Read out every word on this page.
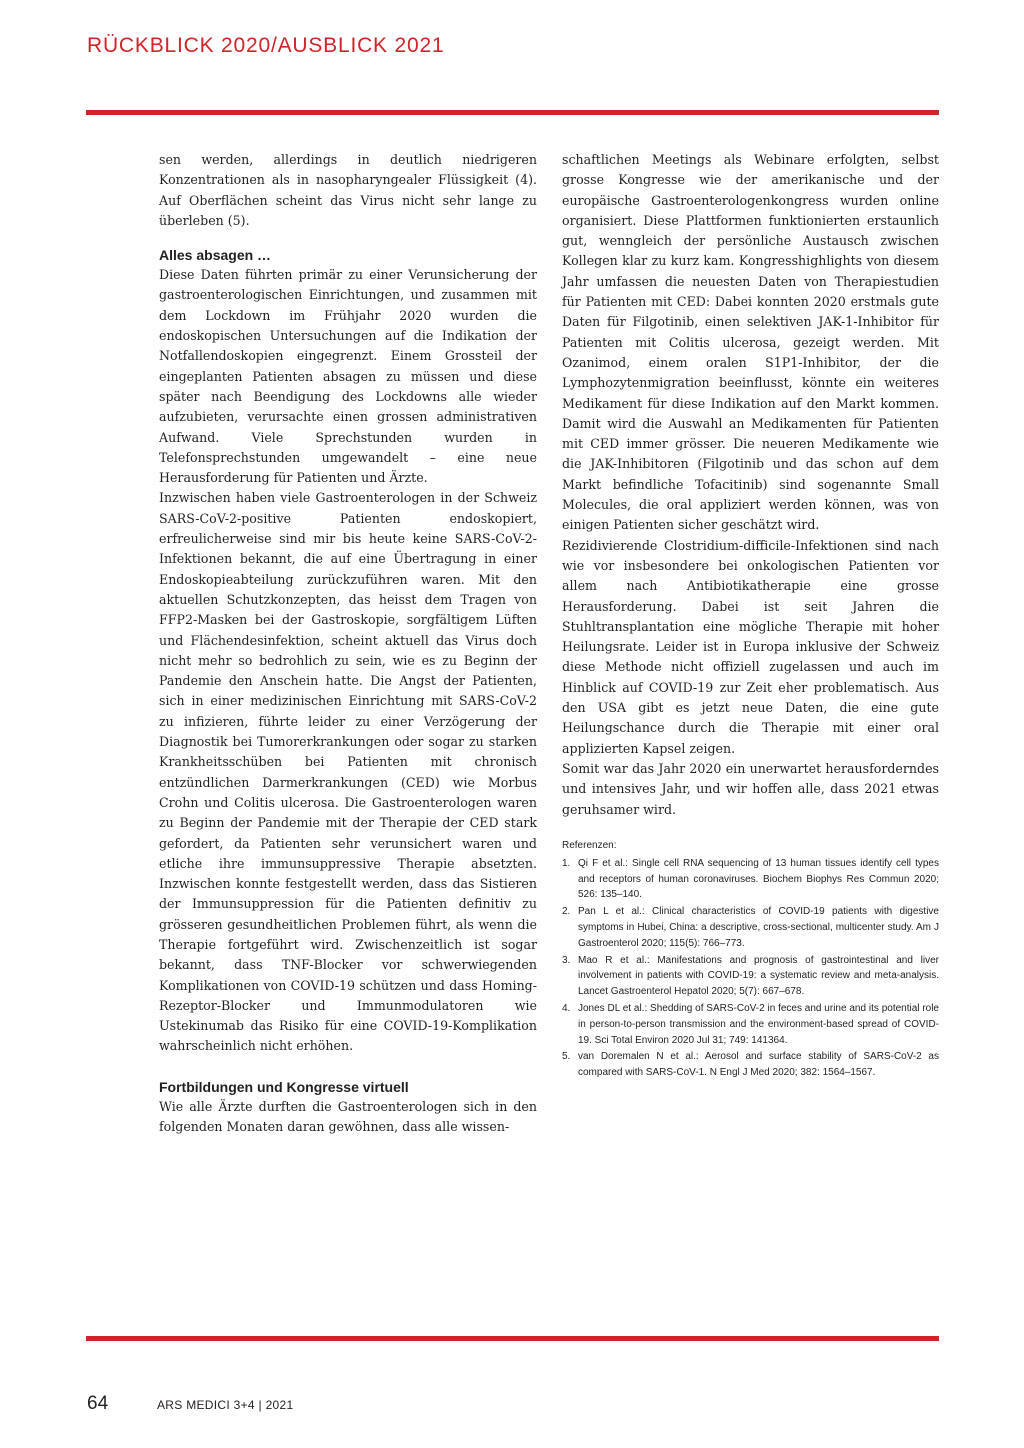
RÜCKBLICK 2020/AUSBLICK 2021

sen werden, allerdings in deutlich niedrigeren Konzentrationen als in nasopharyngealer Flüssigkeit (4). Auf Oberflächen scheint das Virus nicht sehr lange zu überleben (5).

Alles absagen …

Diese Daten führten primär zu einer Verunsicherung der gastroenterologischen Einrichtungen, und zusammen mit dem Lockdown im Frühjahr 2020 wurden die endoskopischen Untersuchungen auf die Indikation der Notfallendoskopien eingegrenzt. Einem Grossteil der eingeplanten Patienten absagen zu müssen und diese später nach Beendigung des Lockdowns alle wieder aufzubieten, verursachte einen grossen administrativen Aufwand. Viele Sprechstunden wurden in Telefonsprechstunden umgewandelt – eine neue Herausforderung für Patienten und Ärzte.

Inzwischen haben viele Gastroenterologen in der Schweiz SARS-CoV-2-positive Patienten endoskopiert, erfreulicherweise sind mir bis heute keine SARS-CoV-2-Infektionen bekannt, die auf eine Übertragung in einer Endoskopieabteilung zurückzuführen waren. Mit den aktuellen Schutzkonzepten, das heisst dem Tragen von FFP2-Masken bei der Gastroskopie, sorgfältigem Lüften und Flächendesinfektion, scheint aktuell das Virus doch nicht mehr so bedrohlich zu sein, wie es zu Beginn der Pandemie den Anschein hatte. Die Angst der Patienten, sich in einer medizinischen Einrichtung mit SARS-CoV-2 zu infizieren, führte leider zu einer Verzögerung der Diagnostik bei Tumorerkrankungen oder sogar zu starken Krankheitsschüben bei Patienten mit chronisch entzündlichen Darmerkrankungen (CED) wie Morbus Crohn und Colitis ulcerosa. Die Gastroenterologen waren zu Beginn der Pandemie mit der Therapie der CED stark gefordert, da Patienten sehr verunsichert waren und etliche ihre immunsuppressive Therapie absetzten. Inzwischen konnte festgestellt werden, dass das Sistieren der Immunsuppression für die Patienten definitiv zu grösseren gesundheitlichen Problemen führt, als wenn die Therapie fortgeführt wird. Zwischenzeitlich ist sogar bekannt, dass TNF-Blocker vor schwerwiegenden Komplikationen von COVID-19 schützen und dass Homing-Rezeptor-Blocker und Immunmodulatoren wie Ustekinumab das Risiko für eine COVID-19-Komplikation wahrscheinlich nicht erhöhen.

Fortbildungen und Kongresse virtuell

Wie alle Ärzte durften die Gastroenterologen sich in den folgenden Monaten daran gewöhnen, dass alle wissen-

schaftlichen Meetings als Webinare erfolgten, selbst grosse Kongresse wie der amerikanische und der europäische Gastroenterologenkongress wurden online organisiert. Diese Plattformen funktionierten erstaunlich gut, wenngleich der persönliche Austausch zwischen Kollegen klar zu kurz kam. Kongresshighlights von diesem Jahr umfassen die neuesten Daten von Therapiestudien für Patienten mit CED: Dabei konnten 2020 erstmals gute Daten für Filgotinib, einen selektiven JAK-1-Inhibitor für Patienten mit Colitis ulcerosa, gezeigt werden. Mit Ozanimod, einem oralen S1P1-Inhibitor, der die Lymphozytenmigration beeinflusst, könnte ein weiteres Medikament für diese Indikation auf den Markt kommen. Damit wird die Auswahl an Medikamenten für Patienten mit CED immer grösser. Die neueren Medikamente wie die JAK-Inhibitoren (Filgotinib und das schon auf dem Markt befindliche Tofacitinib) sind sogenannte Small Molecules, die oral appliziert werden können, was von einigen Patienten sicher geschätzt wird.

Rezidivierende Clostridium-difficile-Infektionen sind nach wie vor insbesondere bei onkologischen Patienten vor allem nach Antibiotikatherapie eine grosse Herausforderung. Dabei ist seit Jahren die Stuhltransplantation eine mögliche Therapie mit hoher Heilungsrate. Leider ist in Europa inklusive der Schweiz diese Methode nicht offiziell zugelassen und auch im Hinblick auf COVID-19 zur Zeit eher problematisch. Aus den USA gibt es jetzt neue Daten, die eine gute Heilungschance durch die Therapie mit einer oral applizierten Kapsel zeigen.

Somit war das Jahr 2020 ein unerwartet herausforderndes und intensives Jahr, und wir hoffen alle, dass 2021 etwas geruhsamer wird.

Referenzen:

1. Qi F et al.: Single cell RNA sequencing of 13 human tissues identify cell types and receptors of human coronaviruses. Biochem Biophys Res Commun 2020; 526: 135–140.
2. Pan L et al.: Clinical characteristics of COVID-19 patients with digestive symptoms in Hubei, China: a descriptive, cross-sectional, multicenter study. Am J Gastroenterol 2020; 115(5): 766–773.
3. Mao R et al.: Manifestations and prognosis of gastrointestinal and liver involvement in patients with COVID-19: a systematic review and meta-analysis. Lancet Gastroenterol Hepatol 2020; 5(7): 667–678.
4. Jones DL et al.: Shedding of SARS-CoV-2 in feces and urine and its potential role in person-to-person transmission and the environment-based spread of COVID-19. Sci Total Environ 2020 Jul 31; 749: 141364.
5. van Doremalen N et al.: Aerosol and surface stability of SARS-CoV-2 as compared with SARS-CoV-1. N Engl J Med 2020; 382: 1564–1567.
64	ARS MEDICI 3+4 | 2021
